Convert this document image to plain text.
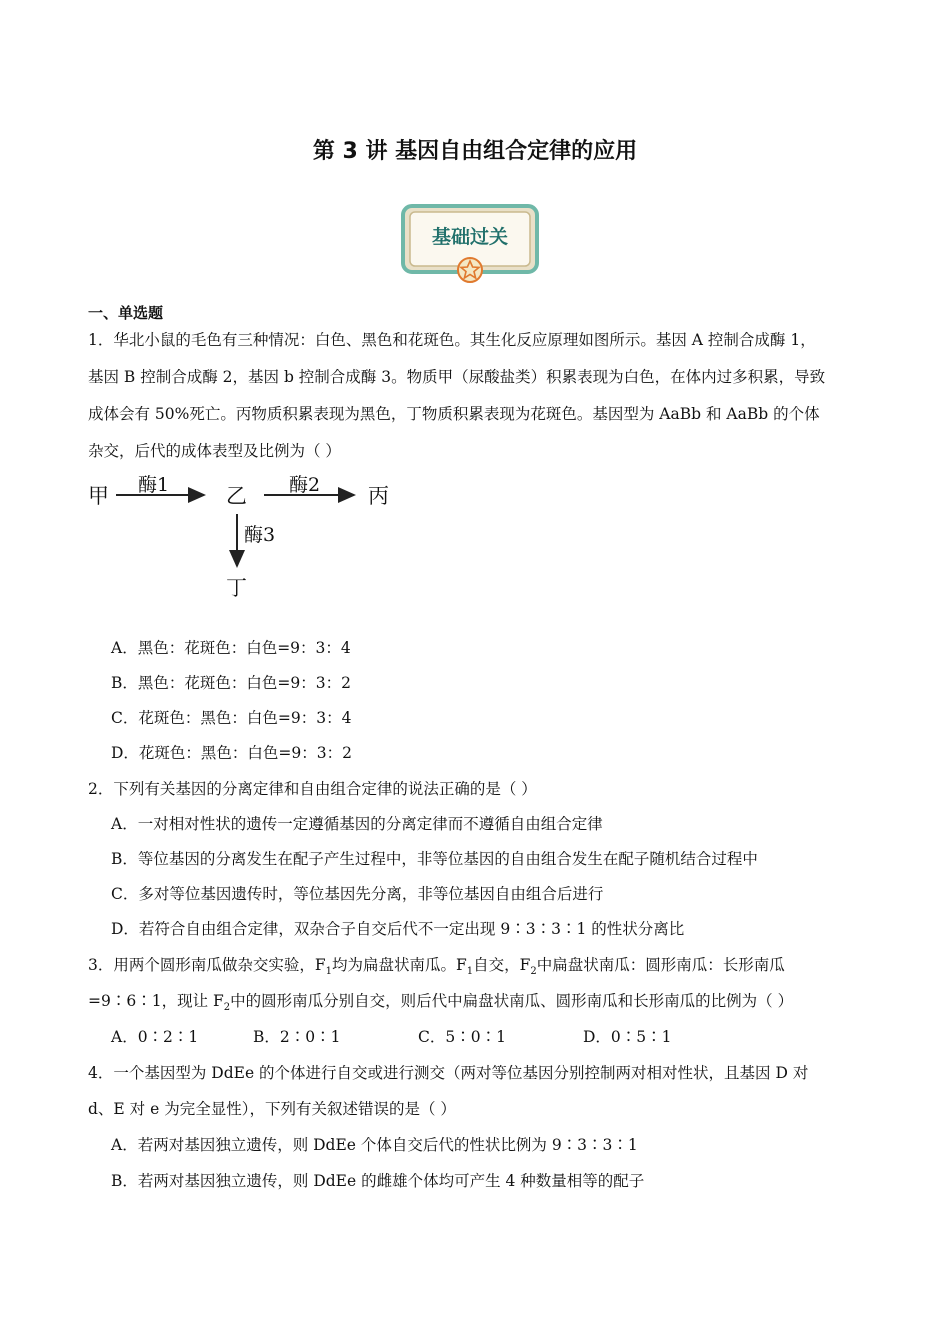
第 3 讲 基因自由组合定律的应用
基础过关
一、单选题
1．华北小鼠的毛色有三种情况：白色、黑色和花斑色。其生化反应原理如图所示。基因 A 控制合成酶 1，
基因 B 控制合成酶 2，基因 b 控制合成酶 3。物质甲（尿酸盐类）积累表现为白色，在体内过多积累，导致
成体会有 50%死亡。丙物质积累表现为黑色，丁物质积累表现为花斑色。基因型为 AaBb 和 AaBb 的个体
杂交，后代的成体表型及比例为（ ）
甲 酶1	乙 酶2 丙
酶3
丁
A．黑色：花斑色：白色=9：3：4
B．黑色：花斑色：白色=9：3：2
C．花斑色：黑色：白色=9：3：4
D．花斑色：黑色：白色=9：3：2
2．下列有关基因的分离定律和自由组合定律的说法正确的是（ ）
A．一对相对性状的遗传一定遵循基因的分离定律而不遵循自由组合定律
B．等位基因的分离发生在配子产生过程中，非等位基因的自由组合发生在配子随机结合过程中
C．多对等位基因遗传时，等位基因先分离，非等位基因自由组合后进行
D．若符合自由组合定律，双杂合子自交后代不一定出现 9∶3∶3∶1 的性状分离比
3．用两个圆形南瓜做杂交实验，$F_1$均为扁盘状南瓜。$F_1$自交，$F_2$中扁盘状南瓜：圆形南瓜：长形南瓜
=9∶6∶1，现让 $F_2$中的圆形南瓜分别自交，则后代中扁盘状南瓜、圆形南瓜和长形南瓜的比例为（ ）
A．0∶2∶1	B．2∶0∶1	C．5∶0∶1	D．0∶5∶1
4．一个基因型为 DdEe 的个体进行自交或进行测交（两对等位基因分别控制两对相对性状，且基因 D 对
d、E 对 e 为完全显性），下列有关叙述错误的是（ ）
A．若两对基因独立遗传，则 DdEe 个体自交后代的性状比例为 9∶3∶3∶1
B．若两对基因独立遗传，则 DdEe 的雌雄个体均可产生 4 种数量相等的配子
